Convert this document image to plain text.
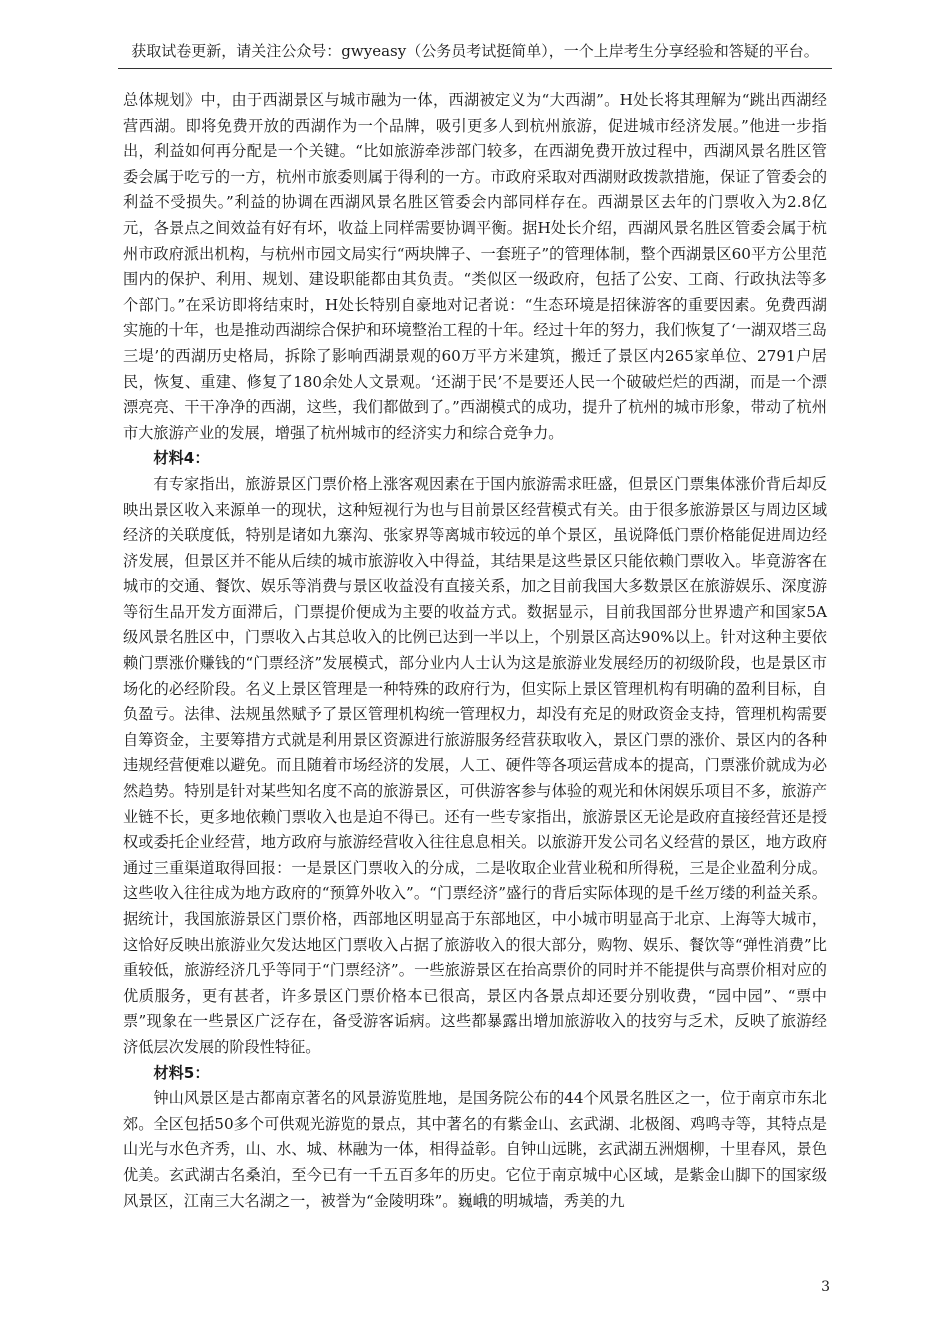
获取试卷更新，请关注公众号：gwyeasy（公务员考试挺简单），一个上岸考生分享经验和答疑的平台。

总体规划》中，由于西湖景区与城市融为一体，西湖被定义为“大西湖”。H处长将其理解为“跳出西湖经营西湖。即将免费开放的西湖作为一个品牌，吸引更多人到杭州旅游，促进城市经济发展。”他进一步指出，利益如何再分配是一个关键。“比如旅游牵涉部门较多，在西湖免费开放过程中，西湖风景名胜区管委会属于吃亏的一方，杭州市旅委则属于得利的一方。市政府采取对西湖财政拨款措施，保证了管委会的利益不受损失。”利益的协调在西湖风景名胜区管委会内部同样存在。西湖景区去年的门票收入为2.8亿元，各景点之间效益有好有坏，收益上同样需要协调平衡。据H处长介绍，西湖风景名胜区管委会属于杭州市政府派出机构，与杭州市园文局实行“两块牌子、一套班子”的管理体制，整个西湖景区60平方公里范围内的保护、利用、规划、建设职能都由其负责。“类似区一级政府，包括了公安、工商、行政执法等多个部门。”在采访即将结束时，H处长特别自豪地对记者说：“生态环境是招徕游客的重要因素。免费西湖实施的十年，也是推动西湖综合保护和环境整治工程的十年。经过十年的努力，我们恢复了‘一湖双塔三岛三堤’的西湖历史格局，拆除了影响西湖景观的60万平方米建筑，搬迁了景区内265家单位、2791户居民，恢复、重建、修复了180余处人文景观。‘还湖于民’不是要还人民一个破破烂烂的西湖，而是一个漂漂亮亮、干干净净的西湖，这些，我们都做到了。”西湖模式的成功，提升了杭州的城市形象，带动了杭州市大旅游产业的发展，增强了杭州城市的经济实力和综合竞争力。

材料4：

有专家指出，旅游景区门票价格上涨客观因素在于国内旅游需求旺盛，但景区门票集体涨价背后却反映出景区收入来源单一的现状，这种短视行为也与目前景区经营模式有关。由于很多旅游景区与周边区域经济的关联度低，特别是诸如九寨沟、张家界等离城市较远的单个景区，虽说降低门票价格能促进周边经济发展，但景区并不能从后续的城市旅游收入中得益，其结果是这些景区只能依赖门票收入。毕竟游客在城市的交通、餐饮、娱乐等消费与景区收益没有直接关系，加之目前我国大多数景区在旅游娱乐、深度游等衍生品开发方面滞后，门票提价便成为主要的收益方式。数据显示，目前我国部分世界遗产和国家5A级风景名胜区中，门票收入占其总收入的比例已达到一半以上，个别景区高达90%以上。针对这种主要依赖门票涨价赚钱的“门票经济”发展模式，部分业内人士认为这是旅游业发展经历的初级阶段，也是景区市场化的必经阶段。名义上景区管理是一种特殊的政府行为，但实际上景区管理机构有明确的盈利目标，自负盈亏。法律、法规虽然赋予了景区管理机构统一管理权力，却没有充足的财政资金支持，管理机构需要自筹资金，主要筹措方式就是利用景区资源进行旅游服务经营获取收入，景区门票的涨价、景区内的各种违规经营便难以避免。而且随着市场经济的发展，人工、硬件等各项运营成本的提高，门票涨价就成为必然趋势。特别是针对某些知名度不高的旅游景区，可供游客参与体验的观光和休闲娱乐项目不多，旅游产业链不长，更多地依赖门票收入也是迫不得已。还有一些专家指出，旅游景区无论是政府直接经营还是授权或委托企业经营，地方政府与旅游经营收入往往息息相关。以旅游开发公司名义经营的景区，地方政府通过三重渠道取得回报：一是景区门票收入的分成，二是收取企业营业税和所得税，三是企业盈利分成。这些收入往往成为地方政府的“预算外收入”。“门票经济”盛行的背后实际体现的是千丝万缕的利益关系。据统计，我国旅游景区门票价格，西部地区明显高于东部地区，中小城市明显高于北京、上海等大城市，这恰好反映出旅游业欠发达地区门票收入占据了旅游收入的很大部分，购物、娱乐、餐饮等“弹性消费”比重较低，旅游经济几乎等同于“门票经济”。一些旅游景区在抬高票价的同时并不能提供与高票价相对应的优质服务，更有甚者，许多景区门票价格本已很高，景区内各景点却还要分别收费，“园中园”、“票中票”现象在一些景区广泛存在，备受游客诟病。这些都暴露出增加旅游收入的技穷与乏术，反映了旅游经济低层次发展的阶段性特征。

材料5：

钟山风景区是古都南京著名的风景游览胜地，是国务院公布的44个风景名胜区之一，位于南京市东北郊。全区包括50多个可供观光游览的景点，其中著名的有紫金山、玄武湖、北极阁、鸡鸣寺等，其特点是山光与水色齐秀，山、水、城、林融为一体，相得益彰。自钟山远眺，玄武湖五洲烟柳，十里春风，景色优美。玄武湖古名桑泊，至今已有一千五百多年的历史。它位于南京城中心区域，是紫金山脚下的国家级风景区，江南三大名湖之一，被誉为“金陵明珠”。巍峨的明城墙，秀美的九

3
